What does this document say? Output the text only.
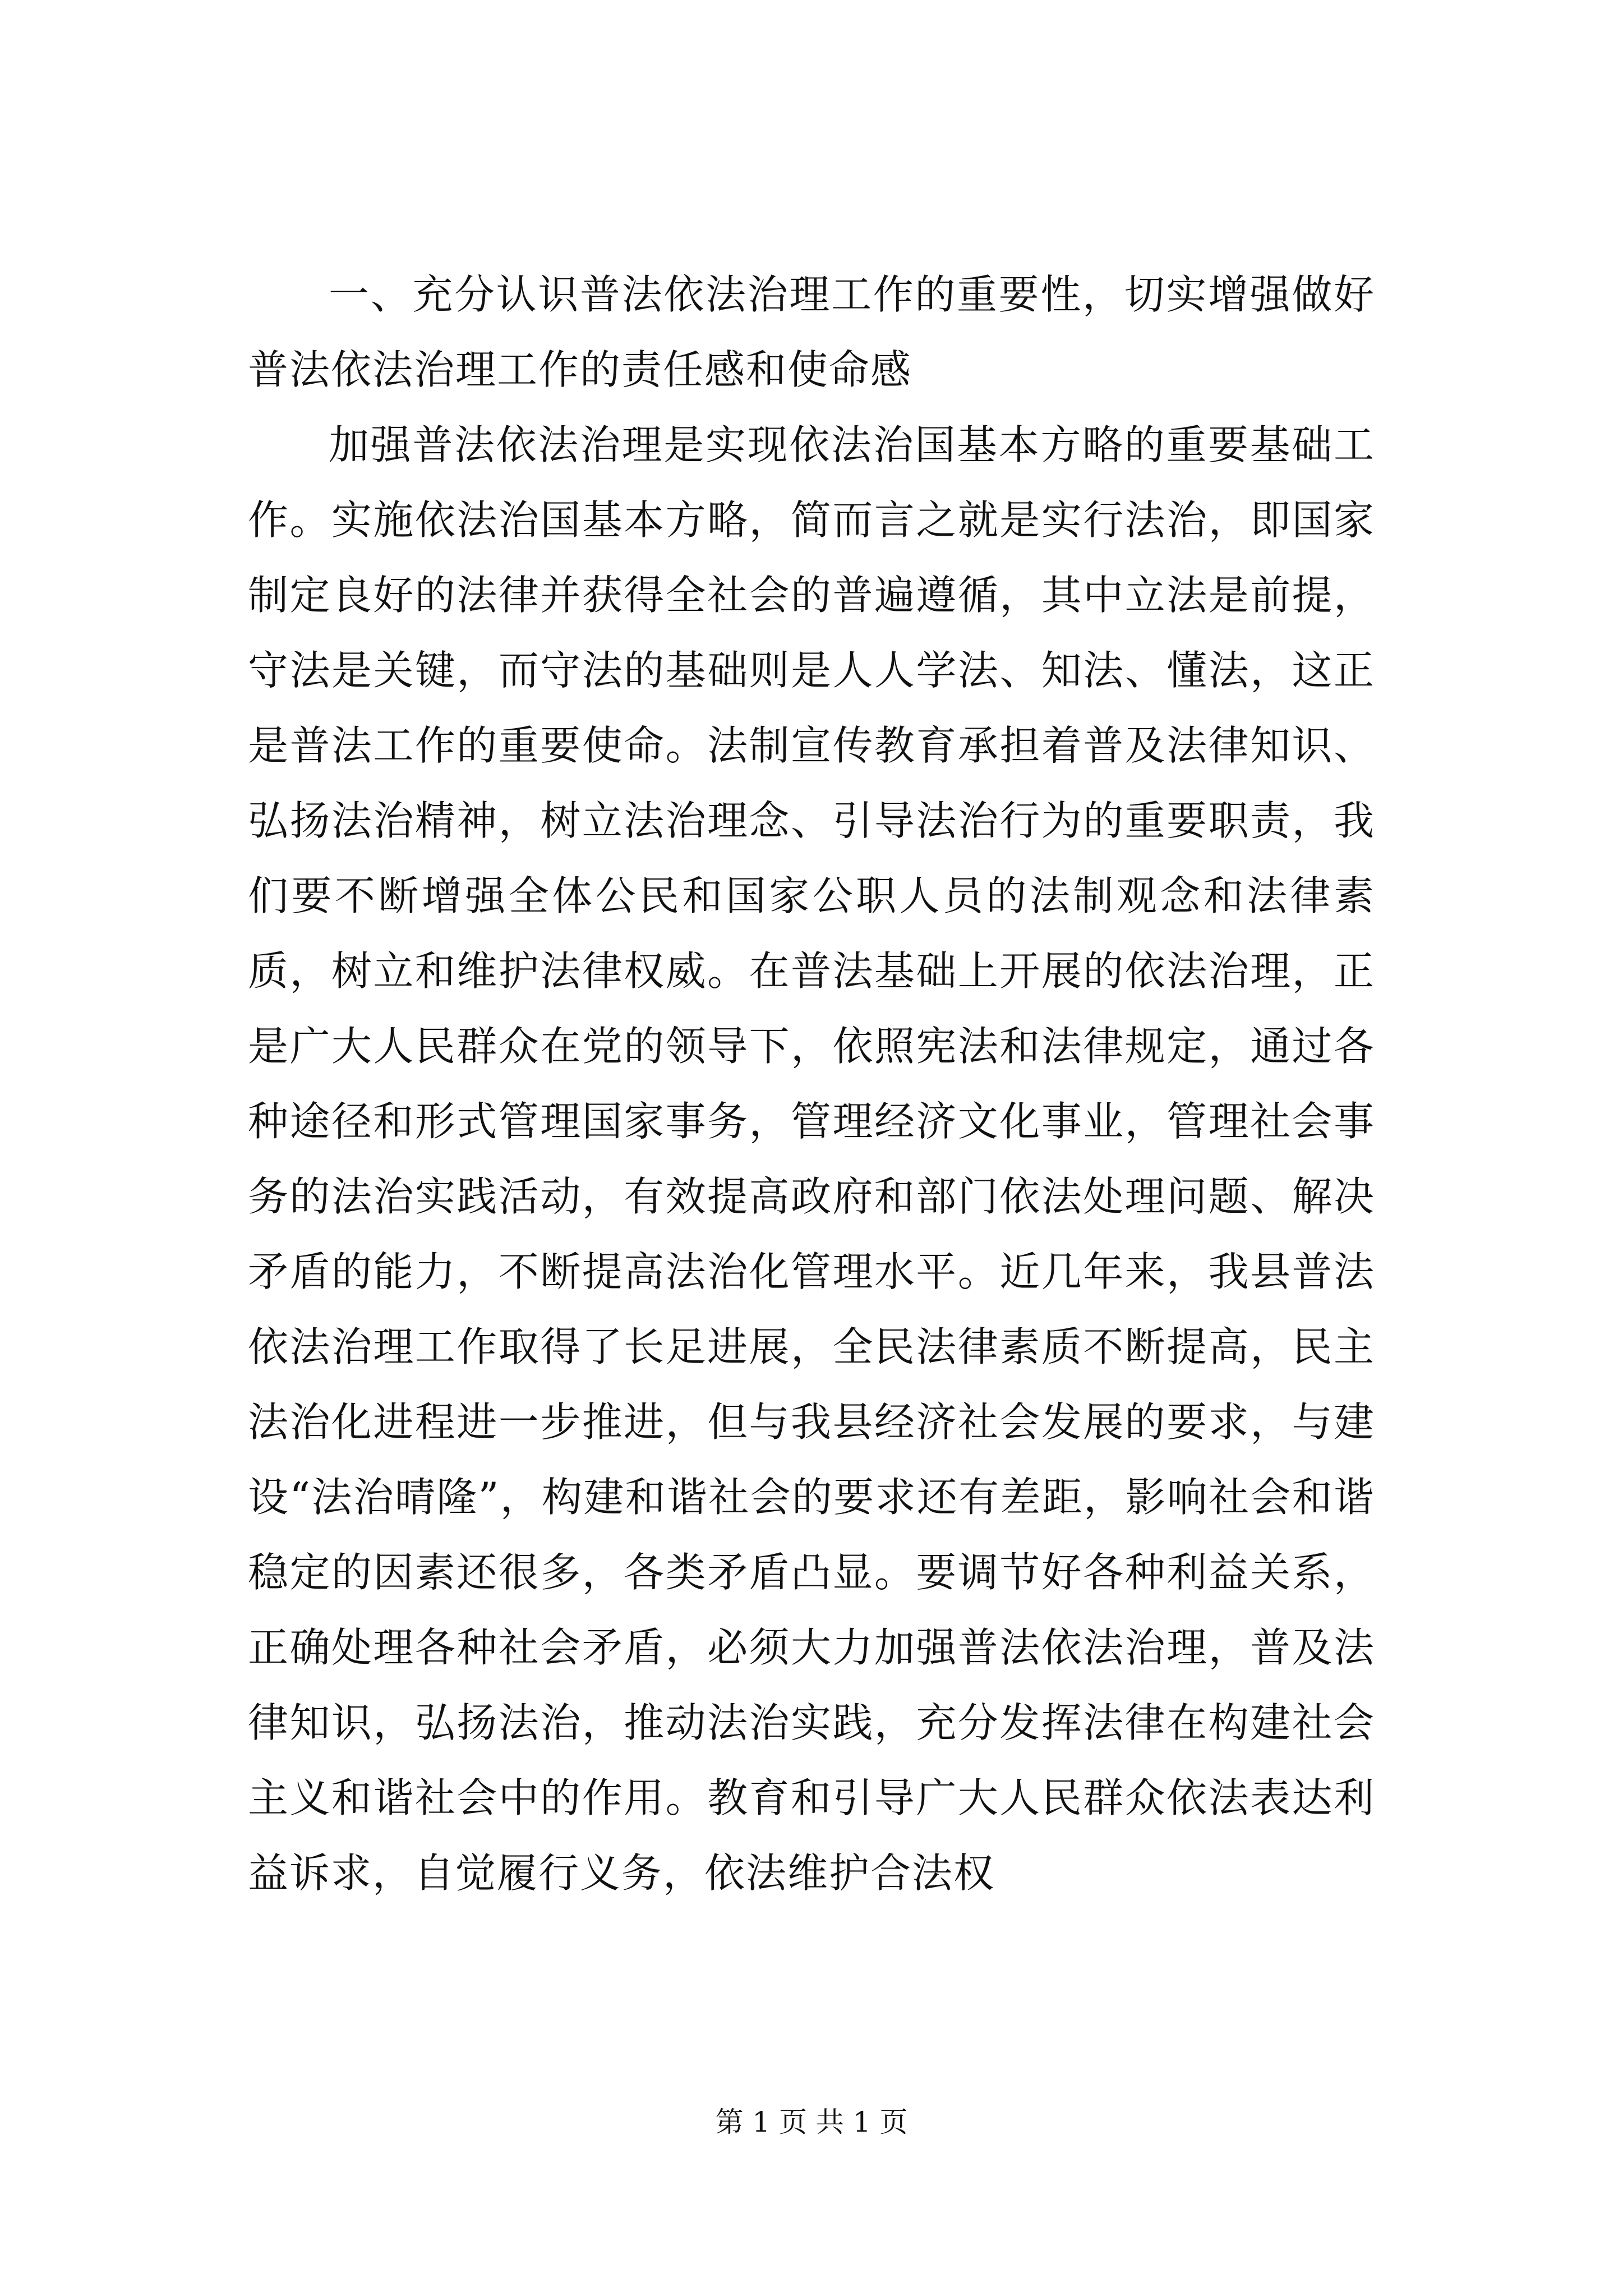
一、充分认识普法依法治理工作的重要性，切实增强做好普法依法治理工作的责任感和使命感

加强普法依法治理是实现依法治国基本方略的重要基础工作。实施依法治国基本方略，简而言之就是实行法治，即国家制定良好的法律并获得全社会的普遍遵循，其中立法是前提，守法是关键，而守法的基础则是人人学法、知法、懂法，这正是普法工作的重要使命。法制宣传教育承担着普及法律知识、弘扬法治精神，树立法治理念、引导法治行为的重要职责，我们要不断增强全体公民和国家公职人员的法制观念和法律素质，树立和维护法律权威。在普法基础上开展的依法治理，正是广大人民群众在党的领导下，依照宪法和法律规定，通过各种途径和形式管理国家事务，管理经济文化事业，管理社会事务的法治实践活动，有效提高政府和部门依法处理问题、解决矛盾的能力，不断提高法治化管理水平。近几年来，我县普法依法治理工作取得了长足进展，全民法律素质不断提高，民主法治化进程进一步推进，但与我县经济社会发展的要求，与建设“法治晴隆”，构建和谐社会的要求还有差距，影响社会和谐稳定的因素还很多，各类矛盾凸显。要调节好各种利益关系，正确处理各种社会矛盾，必须大力加强普法依法治理，普及法律知识，弘扬法治，推动法治实践，充分发挥法律在构建社会主义和谐社会中的作用。教育和引导广大人民群众依法表达利益诉求，自觉履行义务，依法维护合法权

第 1 页 共 1 页
